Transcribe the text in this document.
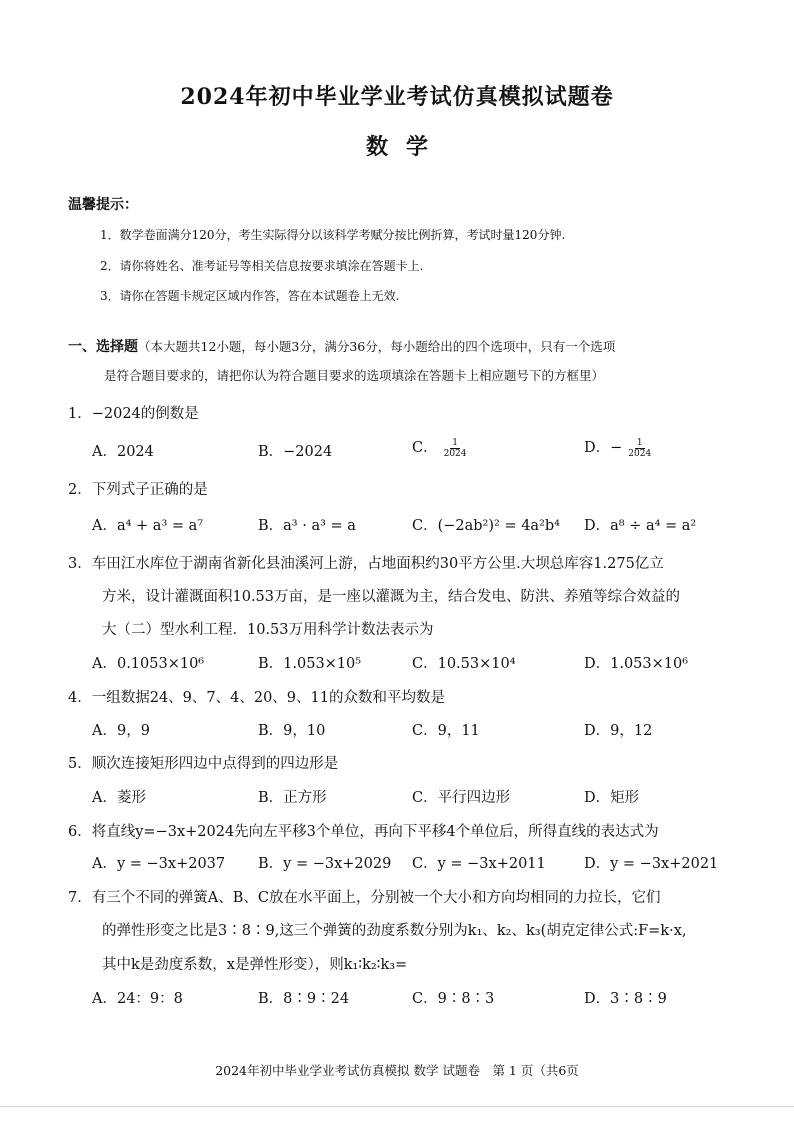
2024年初中毕业学业考试仿真模拟试题卷
数学
温馨提示：
1．数学卷面满分120分，考生实际得分以该科学考赋分按比例折算，考试时量120分钟.
2．请你将姓名、准考证号等相关信息按要求填涂在答题卡上.
3．请你在答题卡规定区域内作答，答在本试题卷上无效.
一、选择题（本大题共12小题，每小题3分，满分36分，每小题给出的四个选项中，只有一个选项
是符合题目要求的，请把你认为符合题目要求的选项填涂在答题卡上相应题号下的方框里）
1．−2024的倒数是
A．2024	B．−2024	C． $\frac{1}{2024}$	D．− $\frac{1}{2024}$
2．下列式子正确的是
A．a⁴ + a³ = a⁷	B．a³ · a³ = a	C．(−2ab²)² = 4a²b⁴ D．a⁸ ÷ a⁴ = a²
3．车田江水库位于湖南省新化县油溪河上游，占地面积约30平方公里.大坝总库容1.275亿立
方米，设计灌溉面积10.53万亩，是一座以灌溉为主，结合发电、防洪、养殖等综合效益的
大（二）型水利工程．10.53万用科学计数法表示为
A．0.1053×10⁶	B．1.053×10⁵	C．10.53×10⁴	D．1.053×10⁶
4．一组数据24、9、7、4、20、9、11的众数和平均数是
A．9，9	B．9，10	C．9，11	D．9，12
5．顺次连接矩形四边中点得到的四边形是
A．菱形	B．正方形	C．平行四边形	D．矩形
6．将直线y=−3x+2024先向左平移3个单位，再向下平移4个单位后，所得直线的表达式为
A．y = −3x+2037 B．y = −3x+2029 C．y = −3x+2011	D．y = −3x+2021
7．有三个不同的弹簧A、B、C放在水平面上，分别被一个大小和方向均相同的力拉长，它们
的弹性形变之比是3∶8∶9,这三个弹簧的劲度系数分别为k₁、k₂、k₃(胡克定律公式:F=k·x,
其中k是劲度系数，x是弹性形变），则k₁∶k₂∶k₃=
A．24：9：8	B．8∶9∶24	C．9∶8∶3	D．3∶8∶9
2024年初中毕业学业考试仿真模拟 数学 试题卷　第 1 页（共6页
